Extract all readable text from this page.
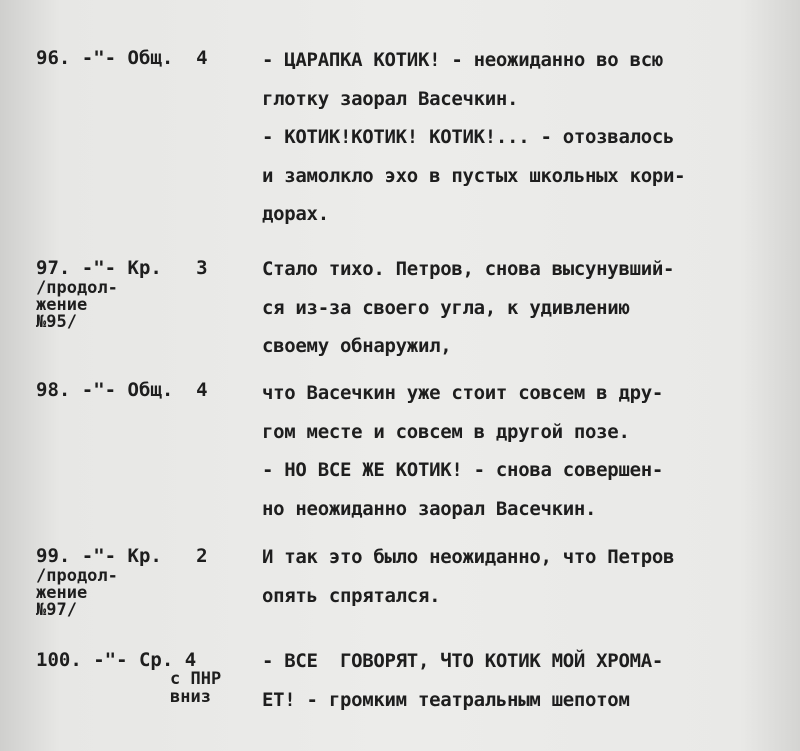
96. -"- Общ.  4	- ЦАРАПКА КОТИК! - неожиданно во всю
глотку заорал Васечкин.
- КОТИК!КОТИК! КОТИК!... - отозвалось
и замолкло эхо в пустых школьных кори-
дорах.
97. -"- Кр.   3
/продол-
жение
№95/
Стало тихо. Петров, снова высунувший-
ся из-за своего угла, к удивлению
своему обнаружил,
98. -"- Общ.  4	что Васечкин уже стоит совсем в дру-
гом месте и совсем в другой позе.
- НО ВСЕ ЖЕ КОТИК! - снова совершен-
но неожиданно заорал Васечкин.
99. -"- Кр.   2
/продол-
жение
№97/
И так это было неожиданно, что Петров
опять спрятался.
100. -"- Ср. 4
с ПНР
вниз
- ВСЕ  ГОВОРЯТ, ЧТО КОТИК МОЙ ХРОМА-
ЕТ! - громким театральным шепотом
